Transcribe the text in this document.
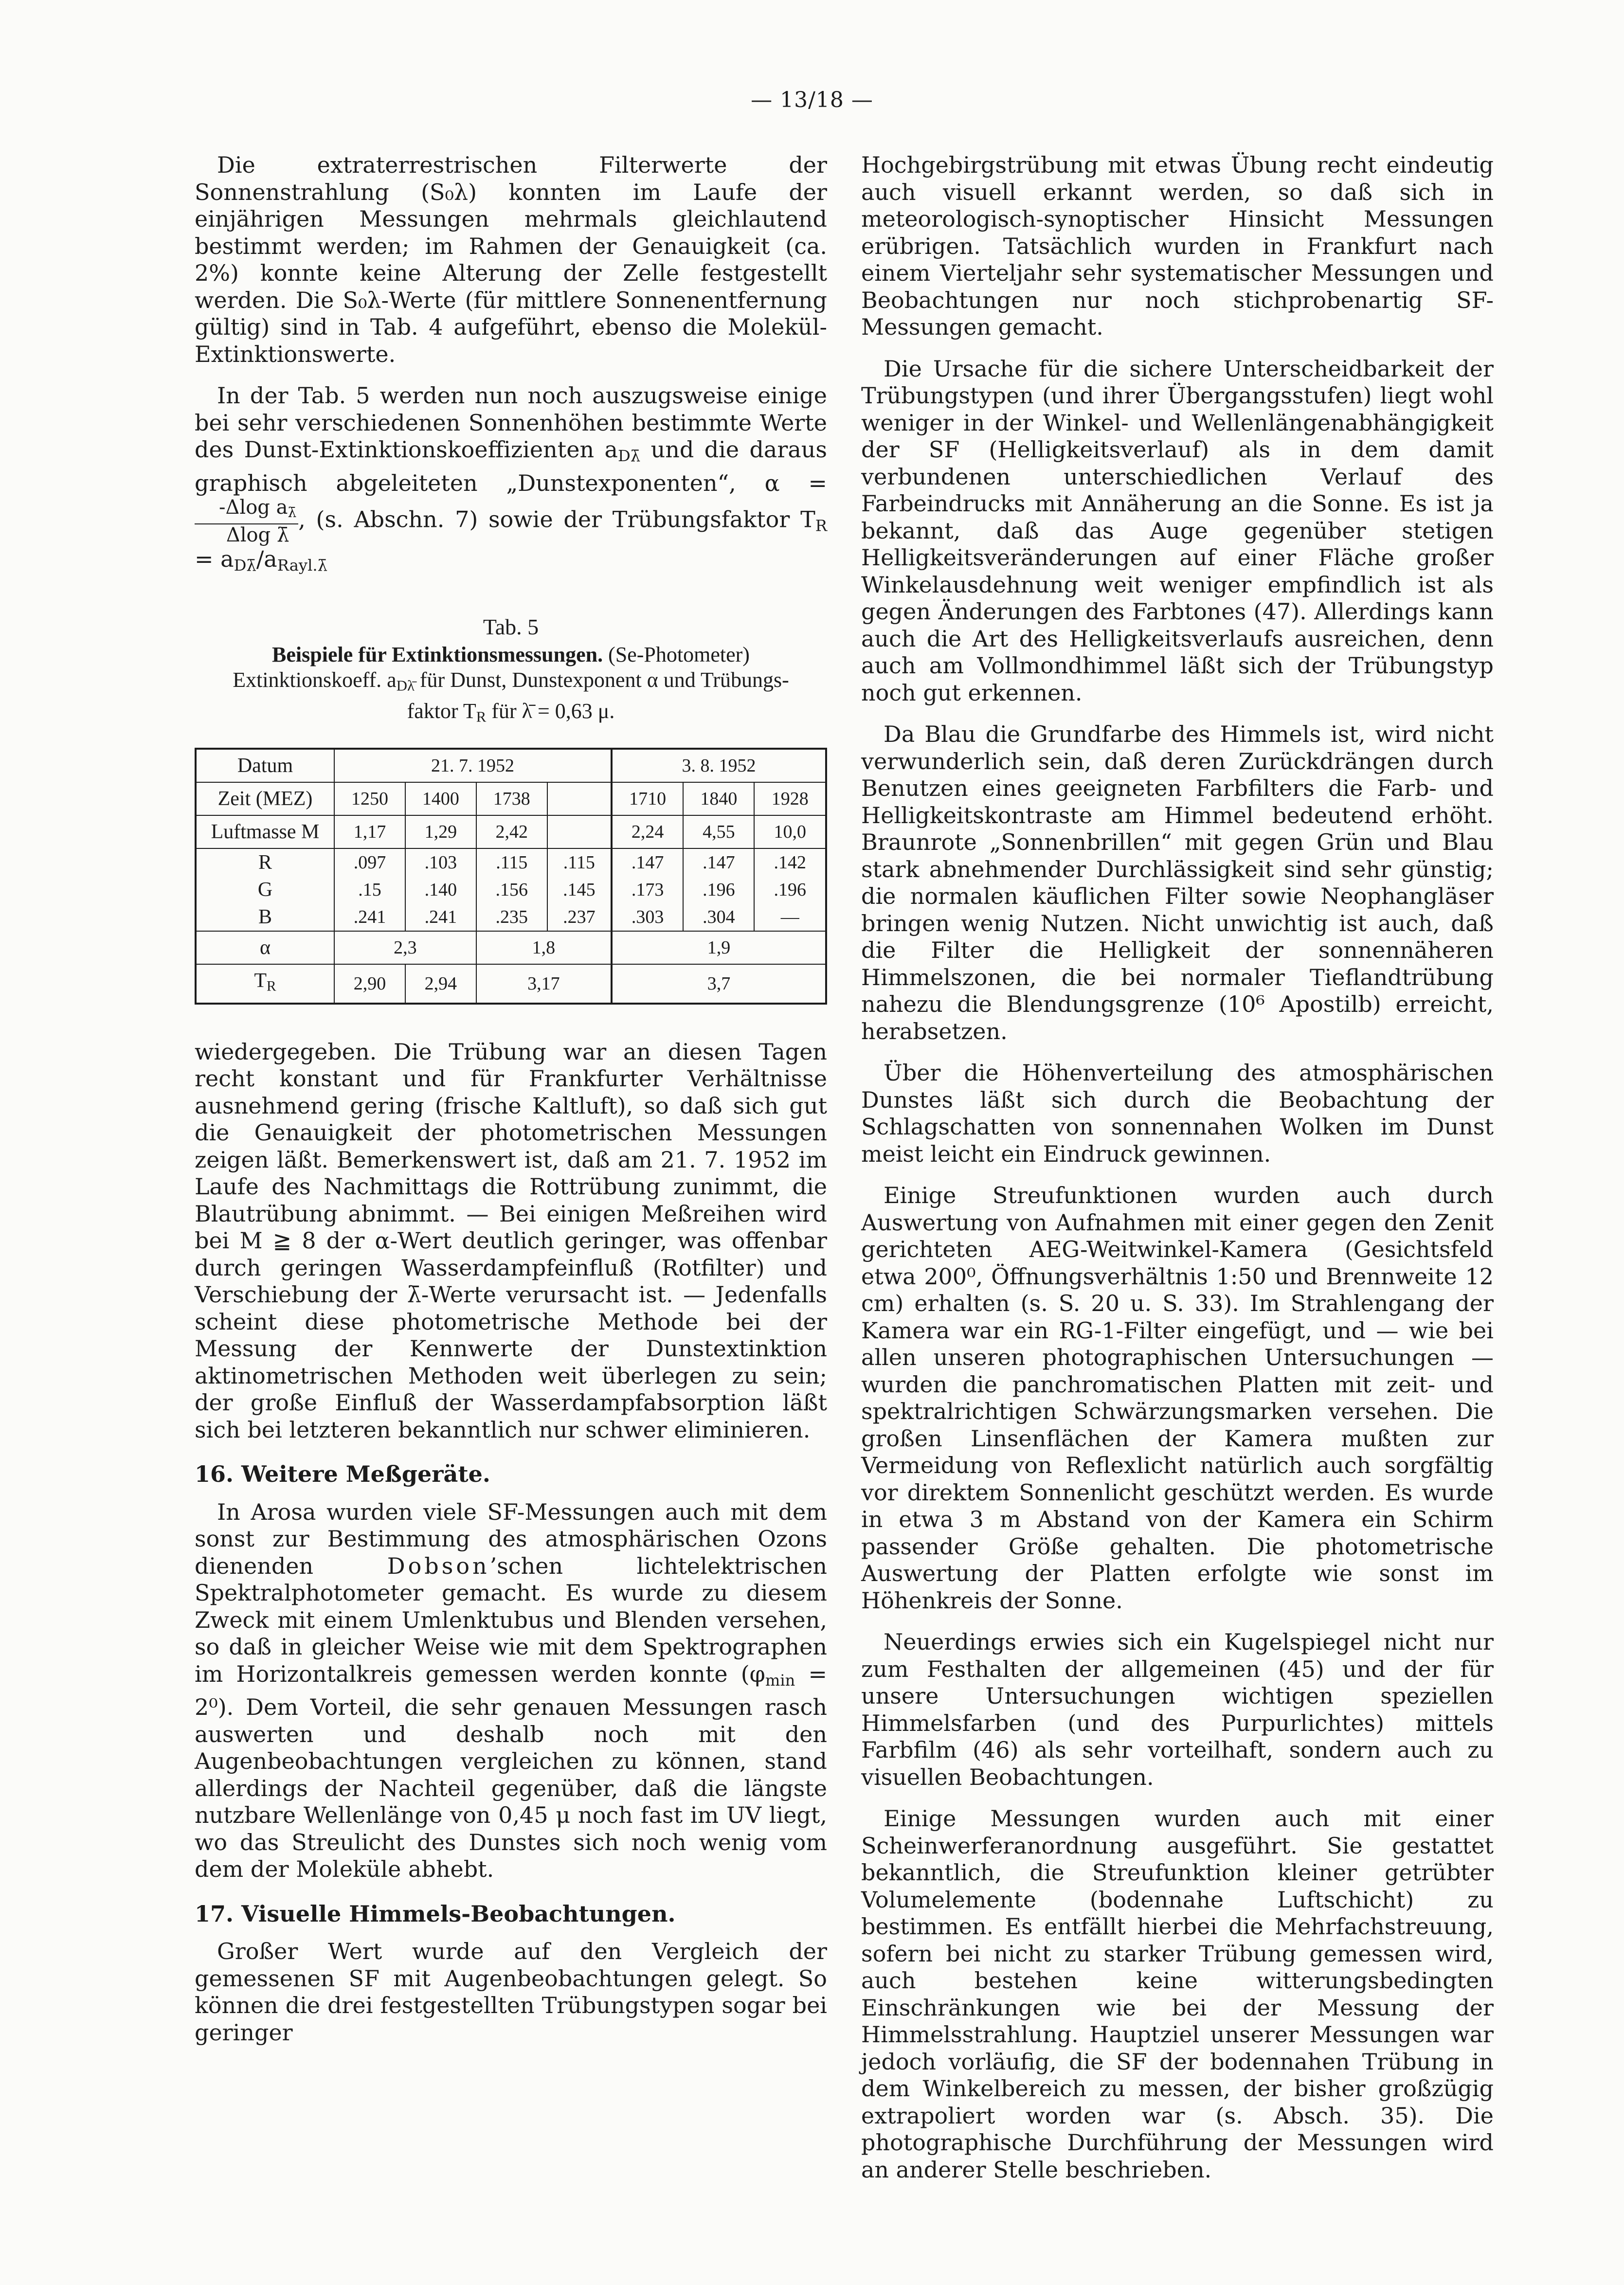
— 13/18 —

Die extraterrestrischen Filterwerte der Sonnenstrahlung (S₀λ) konnten im Laufe der einjährigen Messungen mehrmals gleichlautend bestimmt werden; im Rahmen der Genauigkeit (ca. 2%) konnte keine Alterung der Zelle festgestellt werden. Die S₀λ-Werte (für mittlere Sonnenentfernung gültig) sind in Tab. 4 aufgeführt, ebenso die Molekül-Extinktionswerte.

In der Tab. 5 werden nun noch auszugsweise einige bei sehr verschiedenen Sonnenhöhen bestimmte Werte des Dunst-Extinktionskoeffizienten $a_{D\lambdā}$ und die daraus graphisch abgeleiteten „Dunstexponenten“, α =
$\frac{-\Delta\log a_{\lambdā}}{\text{Δlog λ̄}}$ , (s. Abschn. 7) sowie der Trübungsfaktor $T_R = a_{D\lambdā}/a_{Rayl.\lambdā}$

Tab. 5
Beispiele für Extinktionsmessungen. (Se-Photometer)
Extinktionskoeff. $a_{D\lambdā}$ für Dunst, Dunstexponent α und Trübungs-
faktor $T_R$ für λ̄ = 0,63 μ.
Datum	21. 7. 1952				3. 8. 1952		
Zeit (MEZ)	1250	1400	1738		1710	1840	1928
Luftmasse M	1,17	1,29	2,42		2,24	4,55	10,0
R	.097	.103	.115	.115	.147	.147	.142
G	.15	.140	.156	.145	.173	.196	.196
B	.241	.241	.235	.237	.303	.304	—
α	2,3		1,8		1,9		
$T_R$	2,90	2,94	3,17		3,7		

wiedergegeben. Die Trübung war an diesen Tagen recht konstant und für Frankfurter Verhältnisse ausnehmend gering (frische Kaltluft), so daß sich gut die Genauigkeit der photometrischen Messungen zeigen läßt. Bemerkenswert ist, daß am 21. 7. 1952 im Laufe des Nachmittags die Rottrübung zunimmt, die Blautrübung abnimmt. — Bei einigen Meßreihen wird bei M ≧ 8 der α-Wert deutlich geringer, was offenbar durch geringen Wasserdampfeinfluß (Rotfilter) und Verschiebung der λ̄-Werte verursacht ist. — Jedenfalls scheint diese photometrische Methode bei der Messung der Kennwerte der Dunstextinktion aktinometrischen Methoden weit überlegen zu sein; der große Einfluß der Wasserdampfabsorption läßt sich bei letzteren bekanntlich nur schwer eliminieren.

16. Weitere Meßgeräte.

In Arosa wurden viele SF-Messungen auch mit dem sonst zur Bestimmung des atmosphärischen Ozons dienenden Dobson’schen lichtelektrischen Spektralphotometer gemacht. Es wurde zu diesem Zweck mit einem Umlenktubus und Blenden versehen, so daß in gleicher Weise wie mit dem Spektrographen im Horizontalkreis gemessen werden konnte $(\varphi_{min} = 2^0)$. Dem Vorteil, die sehr genauen Messungen rasch auswerten und deshalb noch mit den Augenbeobachtungen vergleichen zu können, stand allerdings der Nachteil gegenüber, daß die längste nutzbare Wellenlänge von 0,45 μ noch fast im UV liegt, wo das Streulicht des Dunstes sich noch wenig vom dem der Moleküle abhebt.

17. Visuelle Himmels-Beobachtungen.

Großer Wert wurde auf den Vergleich der gemessenen SF mit Augenbeobachtungen gelegt. So können die drei festgestellten Trübungstypen sogar bei geringer

Hochgebirgstrübung mit etwas Übung recht eindeutig auch visuell erkannt werden, so daß sich in meteorologisch-synoptischer Hinsicht Messungen erübrigen. Tatsächlich wurden in Frankfurt nach einem Vierteljahr sehr systematischer Messungen und Beobachtungen nur noch stichprobenartig SF-Messungen gemacht.

Die Ursache für die sichere Unterscheidbarkeit der Trübungstypen (und ihrer Übergangsstufen) liegt wohl weniger in der Winkel- und Wellenlängenabhängigkeit der SF (Helligkeitsverlauf) als in dem damit verbundenen unterschiedlichen Verlauf des Farbeindrucks mit Annäherung an die Sonne. Es ist ja bekannt, daß das Auge gegenüber stetigen Helligkeitsveränderungen auf einer Fläche großer Winkelausdehnung weit weniger empfindlich ist als gegen Änderungen des Farbtones (47). Allerdings kann auch die Art des Helligkeitsverlaufs ausreichen, denn auch am Vollmondhimmel läßt sich der Trübungstyp noch gut erkennen.

Da Blau die Grundfarbe des Himmels ist, wird nicht verwunderlich sein, daß deren Zurückdrängen durch Benutzen eines geeigneten Farbfilters die Farb- und Helligkeitskontraste am Himmel bedeutend erhöht. Braunrote „Sonnenbrillen“ mit gegen Grün und Blau stark abnehmender Durchlässigkeit sind sehr günstig; die normalen käuflichen Filter sowie Neophangläser bringen wenig Nutzen. Nicht unwichtig ist auch, daß die Filter die Helligkeit der sonnennäheren Himmelszonen, die bei normaler Tieflandtrübung nahezu die Blendungsgrenze (10⁶ Apostilb) erreicht, herabsetzen.

Über die Höhenverteilung des atmosphärischen Dunstes läßt sich durch die Beobachtung der Schlagschatten von sonnennahen Wolken im Dunst meist leicht ein Eindruck gewinnen.

Einige Streufunktionen wurden auch durch Auswertung von Aufnahmen mit einer gegen den Zenit gerichteten AEG-Weitwinkel-Kamera (Gesichtsfeld etwa 200⁰, Öffnungsverhältnis 1:50 und Brennweite 12 cm) erhalten (s. S. 20 u. S. 33). Im Strahlengang der Kamera war ein RG-1-Filter eingefügt, und — wie bei allen unseren photographischen Untersuchungen — wurden die panchromatischen Platten mit zeit- und spektralrichtigen Schwärzungsmarken versehen. Die großen Linsenflächen der Kamera mußten zur Vermeidung von Reflexlicht natürlich auch sorgfältig vor direktem Sonnenlicht geschützt werden. Es wurde in etwa 3 m Abstand von der Kamera ein Schirm passender Größe gehalten. Die photometrische Auswertung der Platten erfolgte wie sonst im Höhenkreis der Sonne.

Neuerdings erwies sich ein Kugelspiegel nicht nur zum Festhalten der allgemeinen (45) und der für unsere Untersuchungen wichtigen speziellen Himmelsfarben (und des Purpurlichtes) mittels Farbfilm (46) als sehr vorteilhaft, sondern auch zu visuellen Beobachtungen.

Einige Messungen wurden auch mit einer Scheinwerferanordnung ausgeführt. Sie gestattet bekanntlich, die Streufunktion kleiner getrübter Volumelemente (bodennahe Luftschicht) zu bestimmen. Es entfällt hierbei die Mehrfachstreuung, sofern bei nicht zu starker Trübung gemessen wird, auch bestehen keine witterungsbedingten Einschränkungen wie bei der Messung der Himmelsstrahlung. Hauptziel unserer Messungen war jedoch vorläufig, die SF der bodennahen Trübung in dem Winkelbereich zu messen, der bisher großzügig extrapoliert worden war (s. Absch. 35). Die photographische Durchführung der Messungen wird an anderer Stelle beschrieben.
